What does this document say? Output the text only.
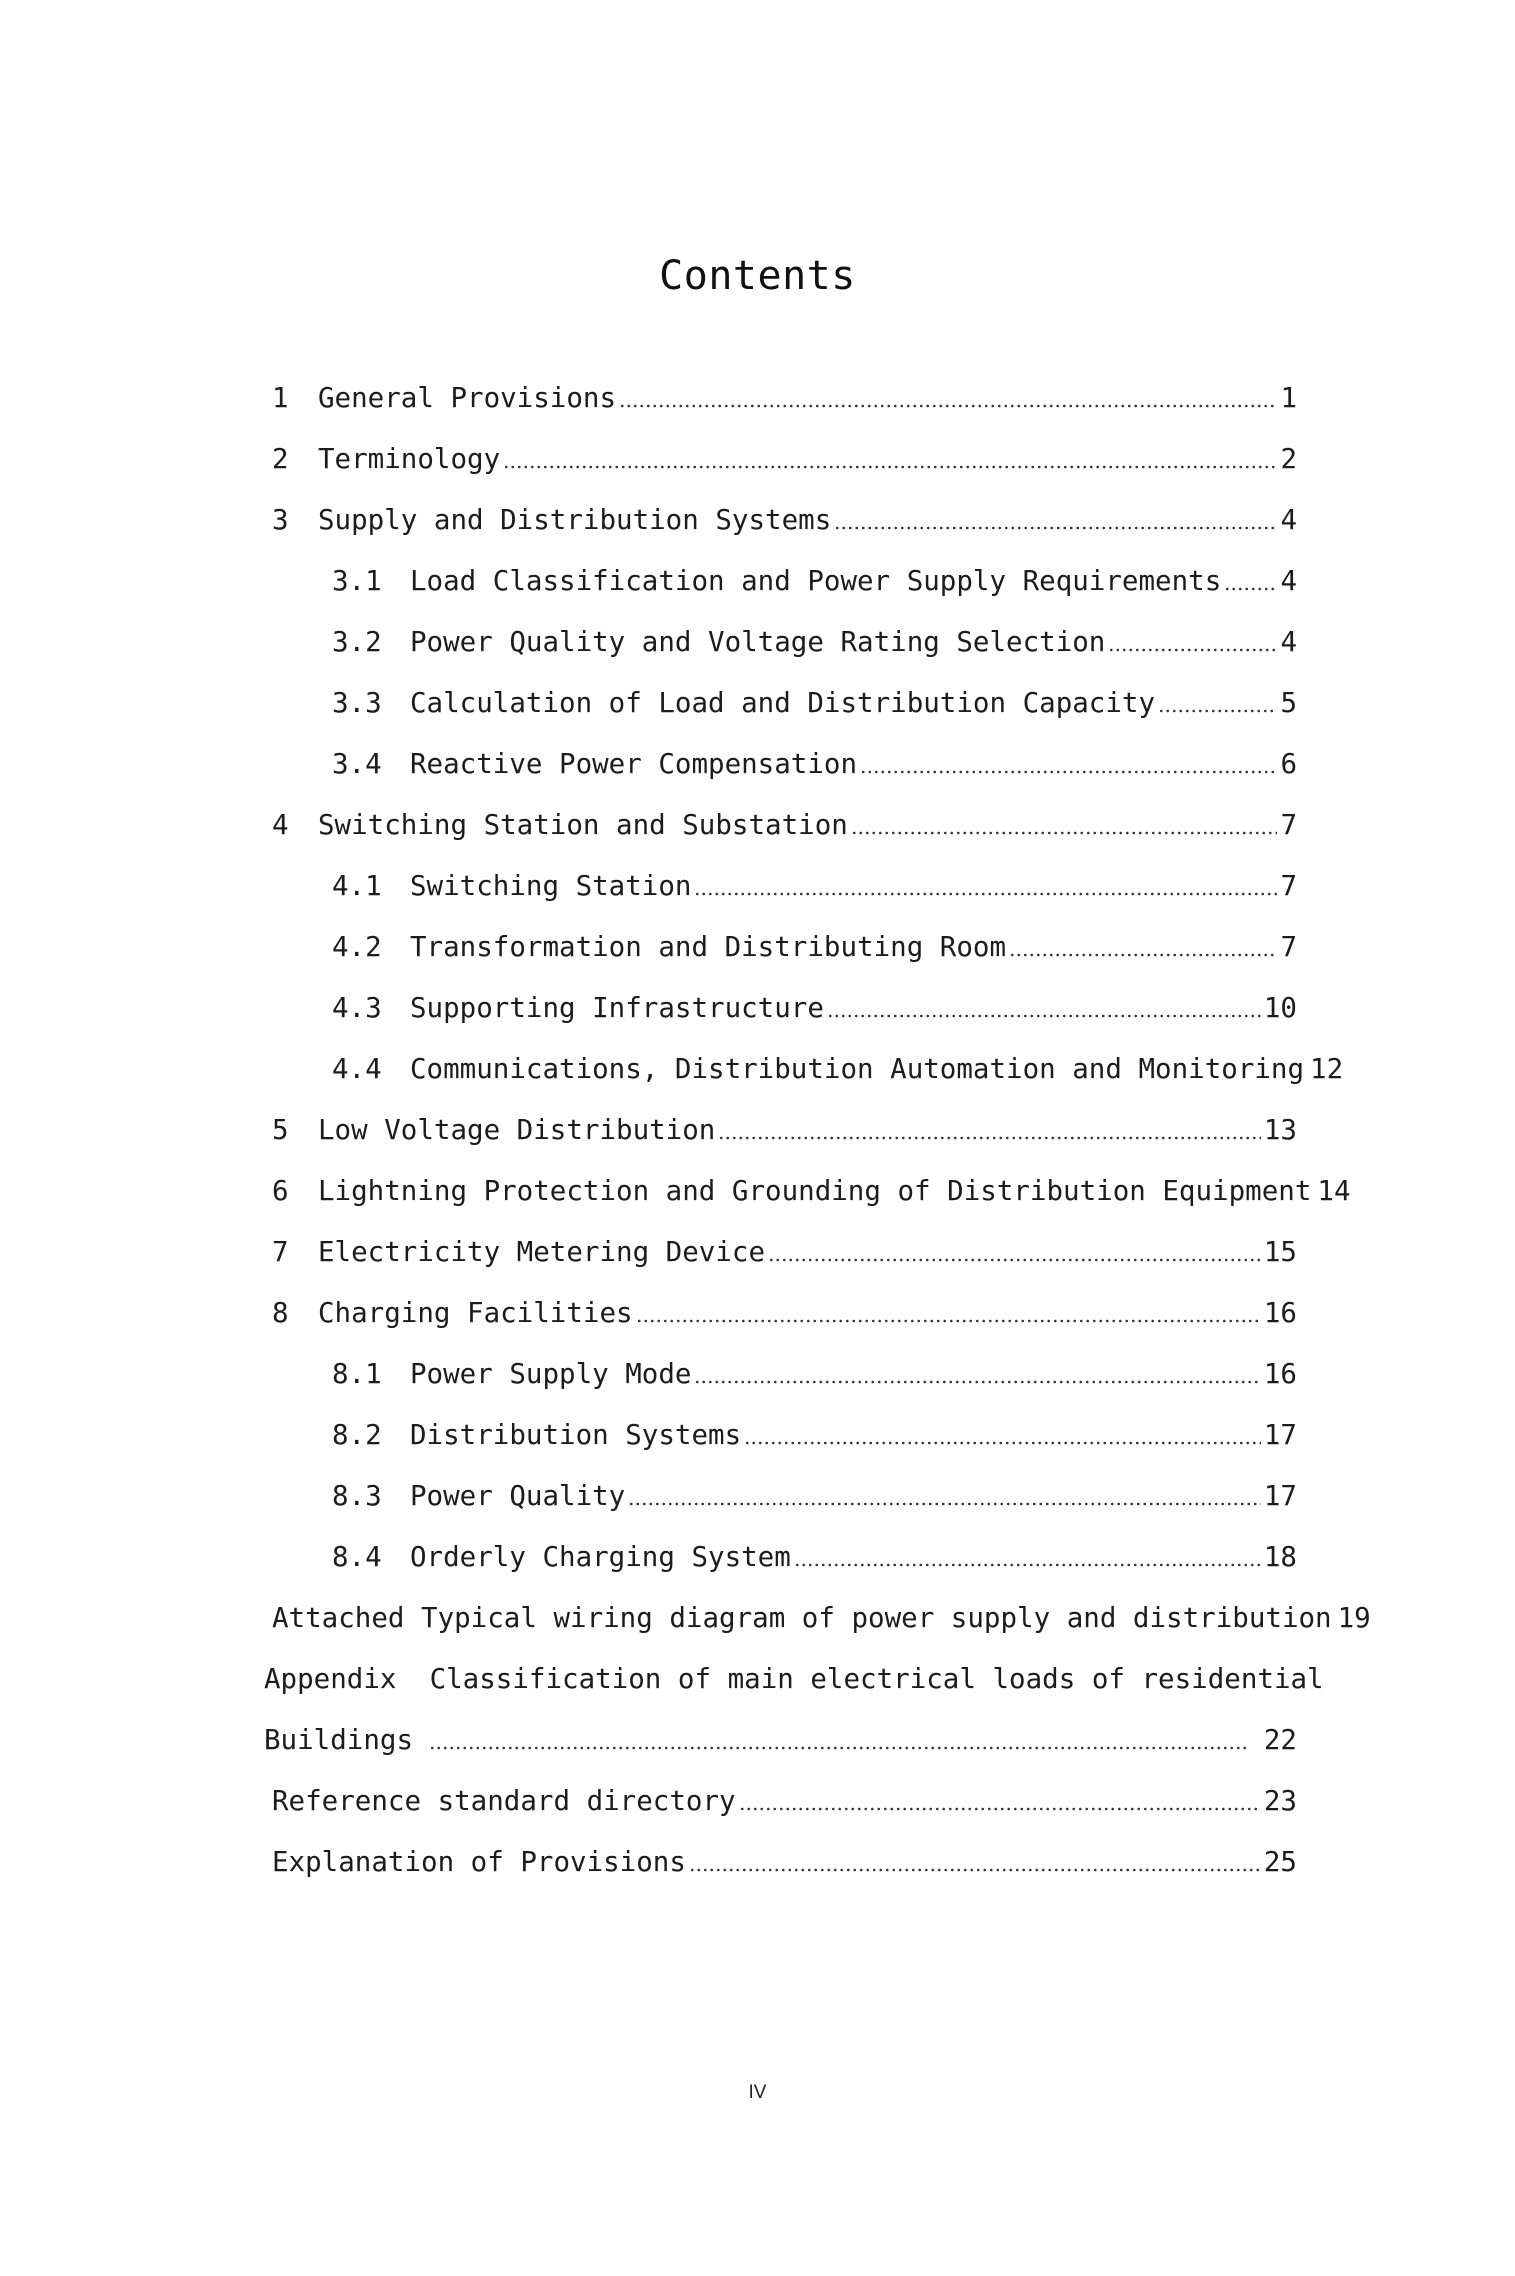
Contents
1	General Provisions	1
2	Terminology	2
3	Supply and Distribution Systems	4
3.1	Load Classification and Power Supply Requirements 4
3.2	Power Quality and Voltage Rating Selection	4
3.3	Calculation of Load and Distribution Capacity	5
3.4	Reactive Power Compensation	6
4	Switching Station and Substation	7
4.1	Switching Station	7
4.2	Transformation and Distributing Room	7
4.3	Supporting Infrastructure	10
4.4	Communications, Distribution Automation and Monitoring 12
5	Low Voltage Distribution	13
6	Lightning Protection and Grounding of Distribution Equipment 14
7	Electricity Metering Device	15
8	Charging Facilities	16
8.1	Power Supply Mode	16
8.2	Distribution Systems	17
8.3	Power Quality	17
8.4	Orderly Charging System	18
Attached Typical wiring diagram of power supply and distribution 19
Appendix  Classification of main electrical loads of residential
Buildings	22
Reference standard directory	23
Explanation of Provisions	25
IV
